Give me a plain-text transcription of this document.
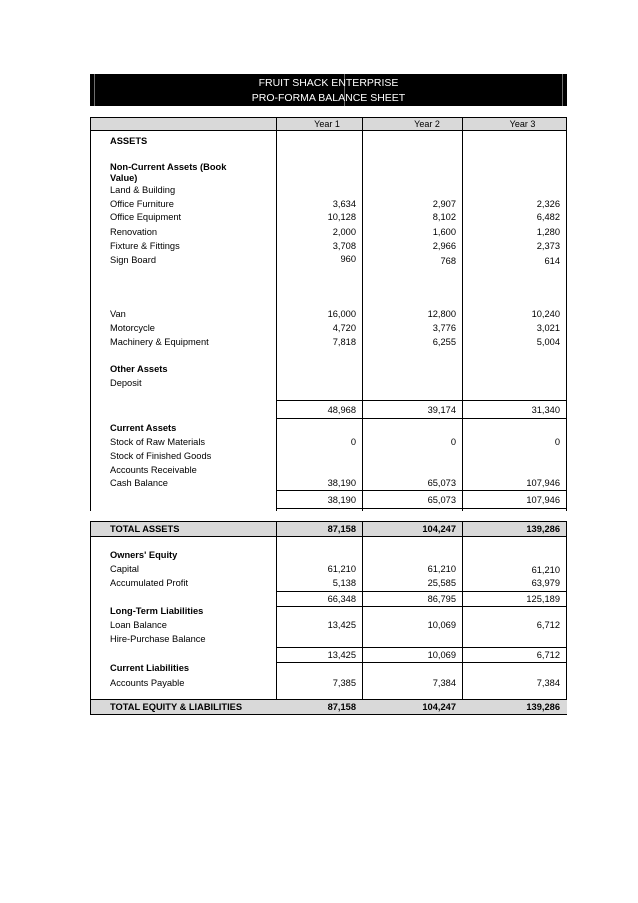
FRUIT SHACK ENTERPRISE
PRO-FORMA BALANCE SHEET
Year 1	Year 2	Year 3
ASSETS
Non-Current Assets (Book
Value)
Land & Building
Office Furniture	3,634	2,907	2,326
Office Equipment	10,128	8,102	6,482
Renovation	2,000	1,600	1,280
Fixture & Fittings	3,708	2,966	2,373
Sign Board	960	768	614
Van	16,000	12,800	10,240
Motorcycle	4,720	3,776	3,021
Machinery & Equipment	7,818	6,255	5,004
Other Assets
Deposit
48,968	39,174	31,340
Current Assets
Stock of Raw Materials	0	0	0
Stock of Finished Goods
Accounts Receivable
Cash Balance	38,190	65,073	107,946
38,190	65,073	107,946
TOTAL ASSETS	87,158	104,247	139,286
Owners' Equity
Capital	61,210	61,210	61,210
Accumulated Profit	5,138	25,585	63,979
66,348	86,795	125,189
Long-Term Liabilities
Loan Balance	13,425	10,069	6,712
Hire-Purchase Balance
13,425	10,069	6,712
Current Liabilities
Accounts Payable	7,385	7,384	7,384
TOTAL EQUITY & LIABILITIES	87,158	104,247	139,286
